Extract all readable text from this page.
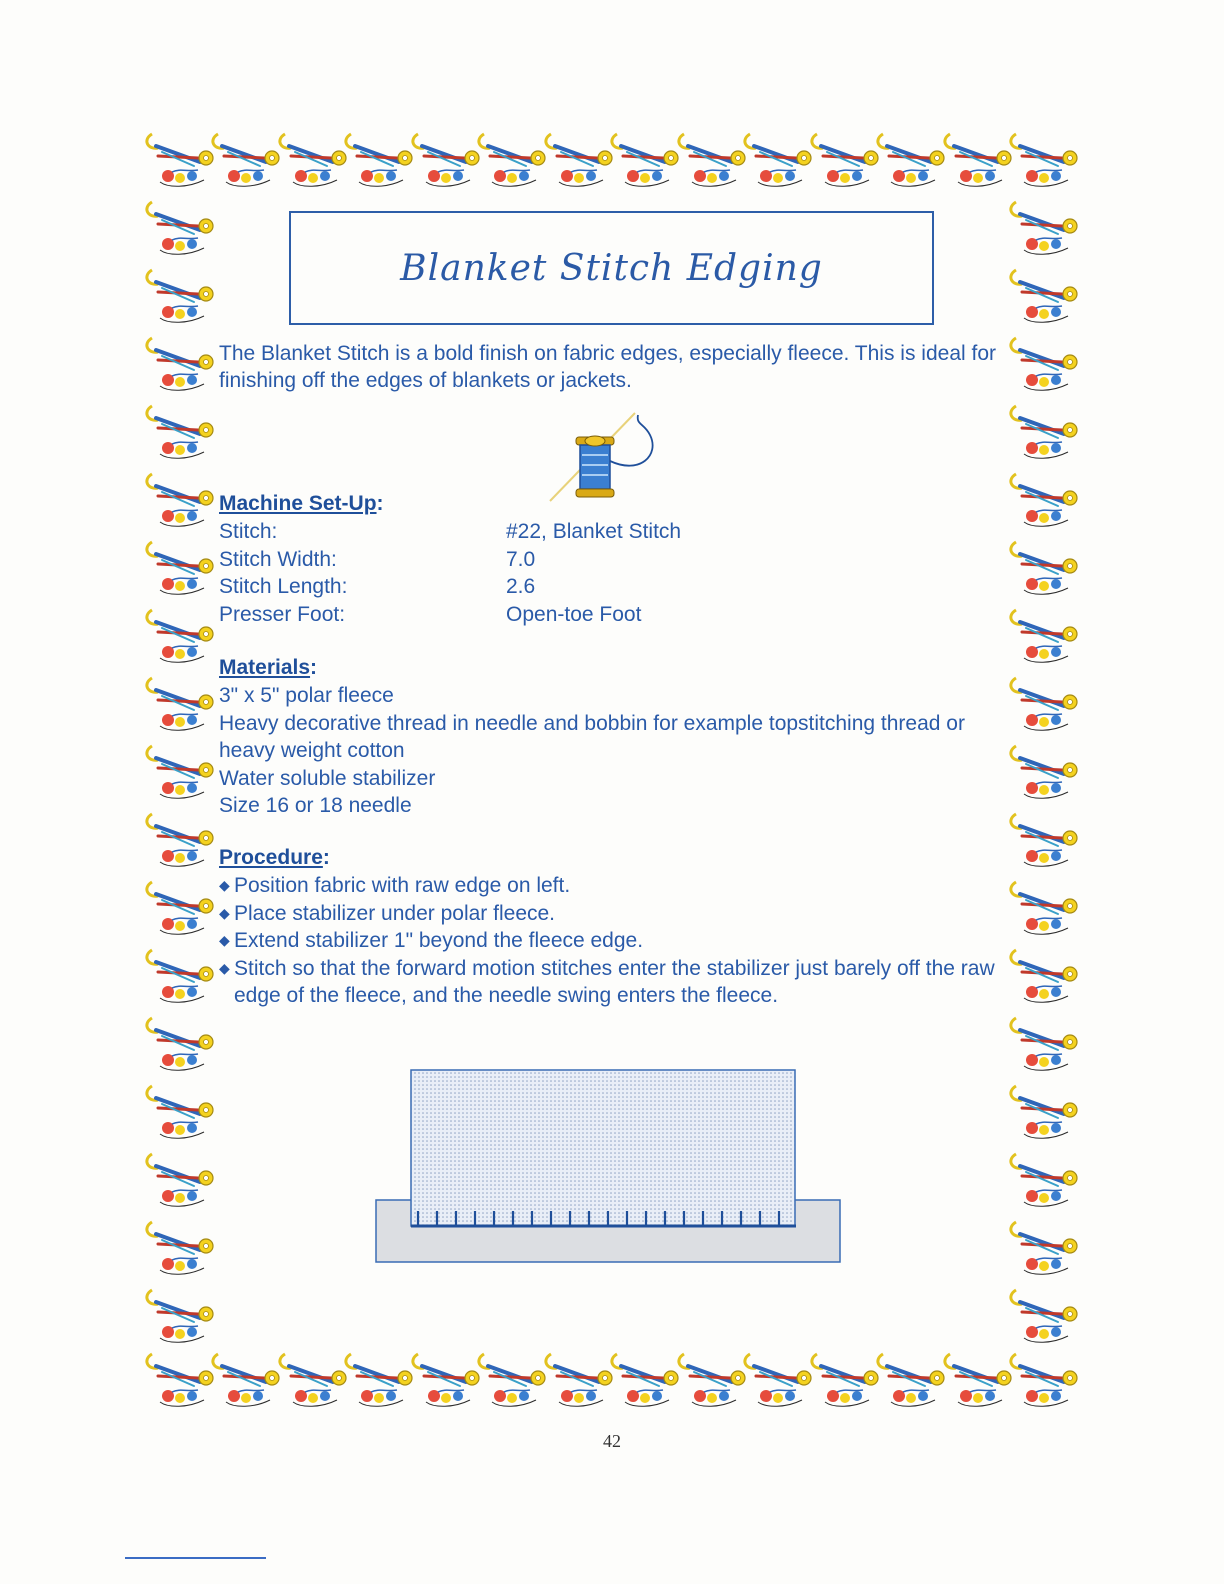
Blanket Stitch Edging

The Blanket Stitch is a bold finish on fabric edges, especially fleece. This is ideal for finishing off the edges of blankets or jackets.

Machine Set-Up:
Stitch:	#22, Blanket Stitch
Stitch Width:	7.0
Stitch Length:	2.6
Presser Foot:	Open-toe Foot
Materials:

3" x 5" polar fleece

Heavy decorative thread in needle and bobbin for example topstitching thread or heavy weight cotton

Water soluble stabilizer

Size 16 or 18 needle

Procedure:
◆ Position fabric with raw edge on left.
◆ Place stabilizer under polar fleece.
◆ Extend stabilizer 1" beyond the fleece edge.
◆ Stitch so that the forward motion stitches enter the stabilizer just barely off the raw edge of the fleece, and the needle swing enters the fleece.
42
